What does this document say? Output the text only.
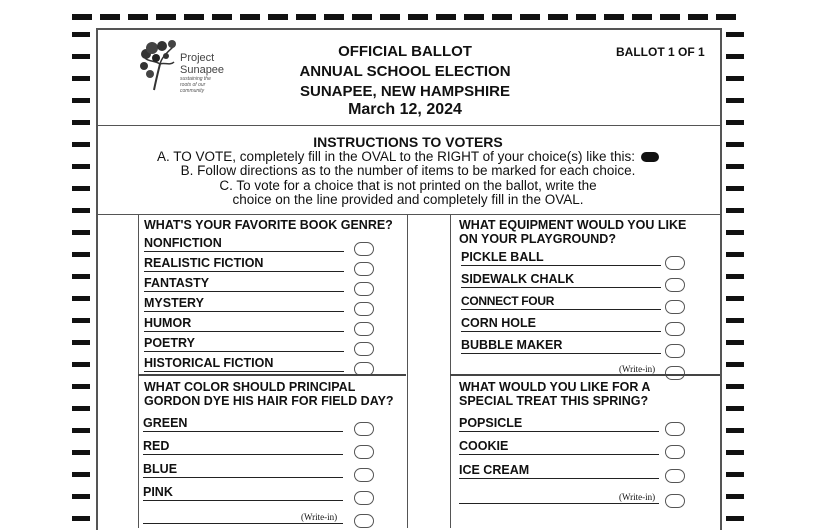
Project
Sunapee
sustaining the roots of our community
OFFICIAL BALLOT
ANNUAL SCHOOL ELECTION
SUNAPEE, NEW HAMPSHIRE
March 12, 2024
BALLOT 1 OF 1
INSTRUCTIONS TO VOTERS
A. TO VOTE, completely fill in the OVAL to the RIGHT of your choice(s) like this:
B. Follow directions as to the number of items to be marked for each choice.
C. To vote for a choice that is not printed on the ballot, write the
choice on the line provided and completely fill in the OVAL.
WHAT'S YOUR FAVORITE BOOK GENRE?
NONFICTION
REALISTIC FICTION
FANTASTY
MYSTERY
HUMOR
POETRY
HISTORICAL FICTION
WHAT COLOR SHOULD PRINCIPAL
GORDON DYE HIS HAIR FOR FIELD DAY?
GREEN
RED
BLUE
PINK
(Write-in)
WHAT EQUIPMENT WOULD YOU LIKE
ON YOUR PLAYGROUND?
PICKLE BALL
SIDEWALK CHALK
CONNECT FOUR
CORN HOLE
BUBBLE MAKER
(Write-in)
WHAT WOULD YOU LIKE FOR A
SPECIAL TREAT THIS SPRING?
POPSICLE
COOKIE
ICE CREAM
(Write-in)
